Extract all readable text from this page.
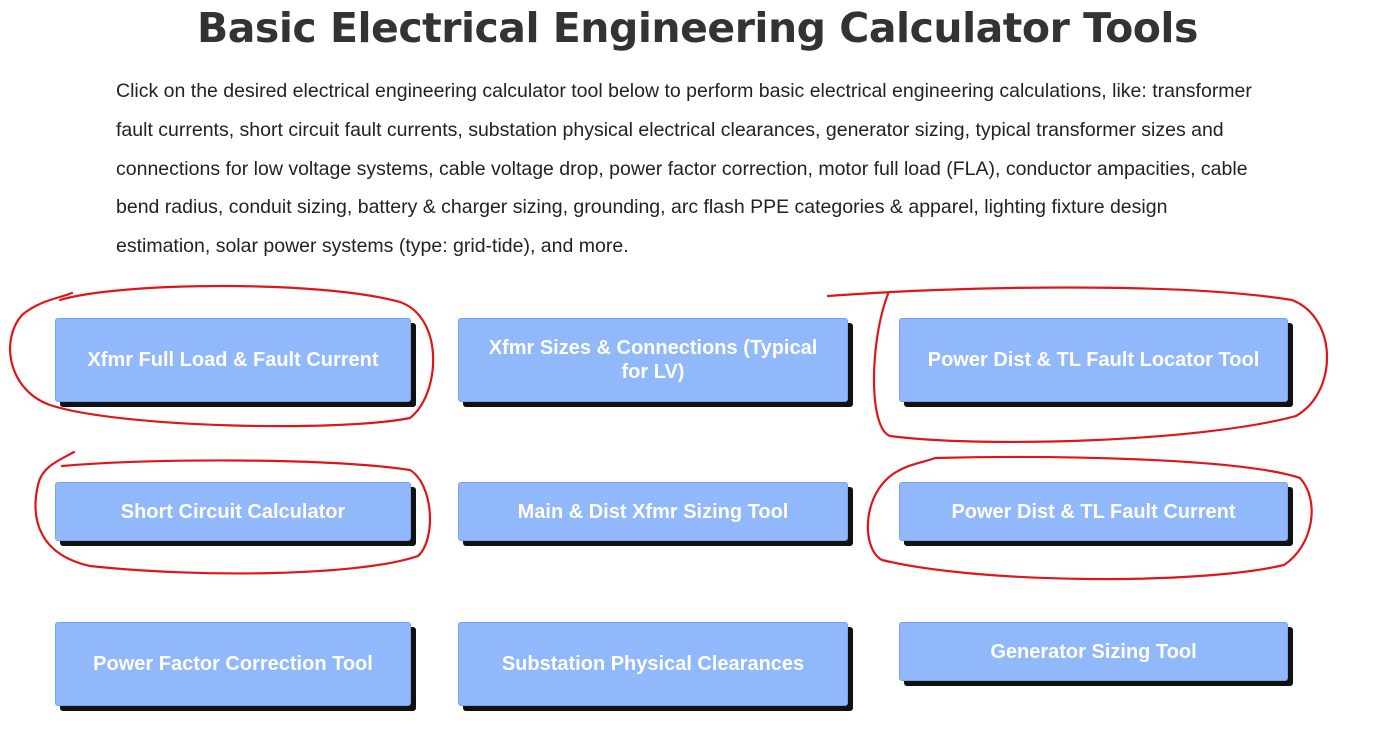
Basic Electrical Engineering Calculator Tools

Click on the desired electrical engineering calculator tool below to perform basic electrical engineering calculations, like: transformer fault currents, short circuit fault currents, substation physical electrical clearances, generator sizing, typical transformer sizes and connections for low voltage systems, cable voltage drop, power factor correction, motor full load (FLA), conductor ampacities, cable bend radius, conduit sizing, battery & charger sizing, grounding, arc flash PPE categories & apparel, lighting fixture design estimation, solar power systems (type: grid-tide), and more.

Xfmr Full Load & Fault Current
Xfmr Sizes & Connections (Typical for LV)
Power Dist & TL Fault Locator Tool
Short Circuit Calculator	Main & Dist Xfmr Sizing Tool	Power Dist & TL Fault Current
Power Factor Correction Tool	Substation Physical Clearances
Generator Sizing Tool
